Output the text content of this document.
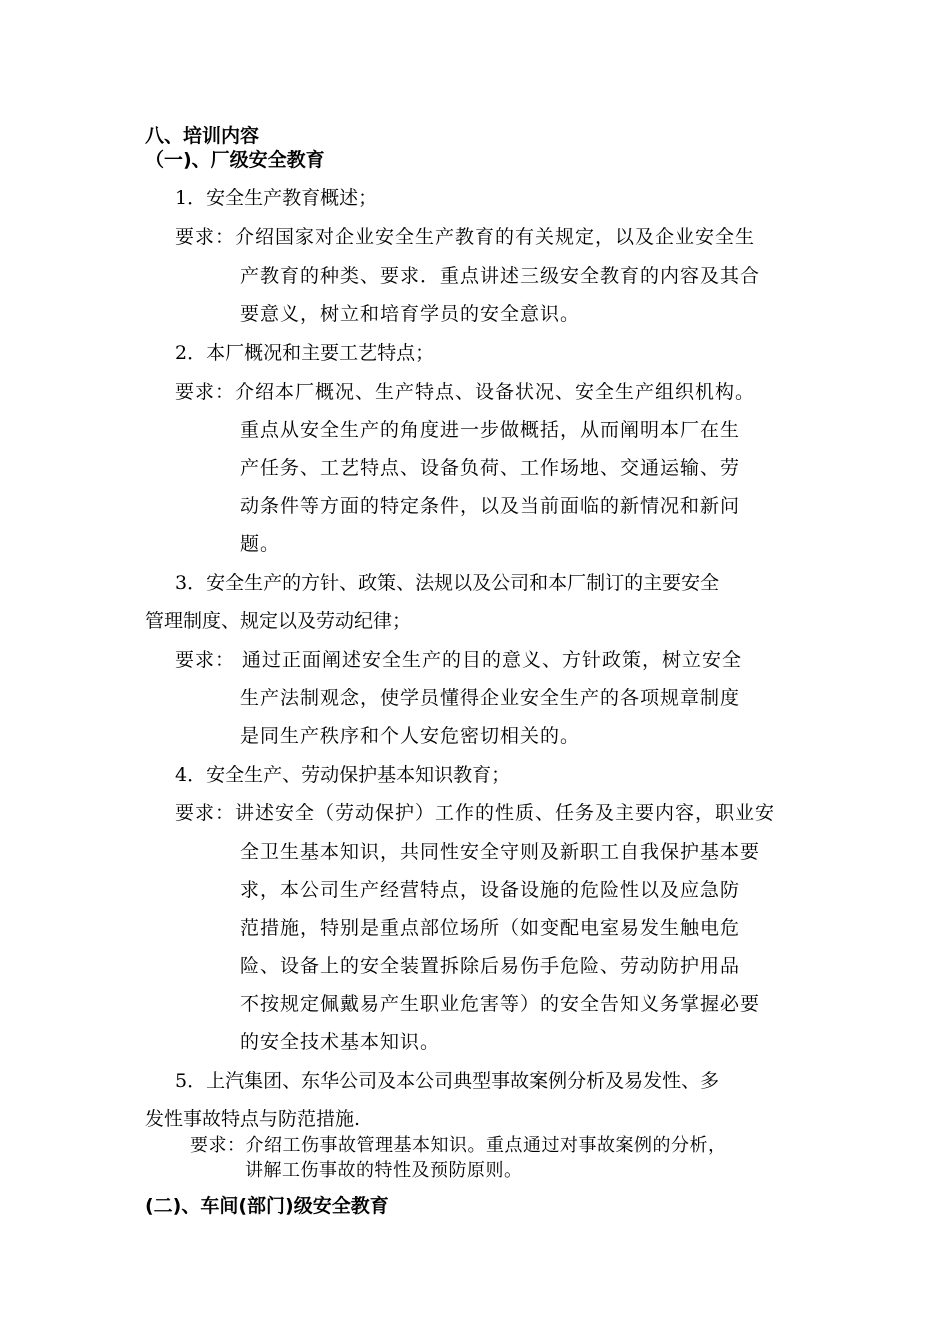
八、培训内容
（一)、厂级安全教育
1．安全生产教育概述；
要求：介绍国家对企业安全生产教育的有关规定，以及企业安全生
产教育的种类、要求．重点讲述三级安全教育的内容及其合
要意义，树立和培育学员的安全意识。
2．本厂概况和主要工艺特点；
要求：介绍本厂概况、生产特点、设备状况、安全生产组织机构。
重点从安全生产的角度进一步做概括，从而阐明本厂在生
产任务、工艺特点、设备负荷、工作场地、交通运输、劳
动条件等方面的特定条件，以及当前面临的新情况和新问
题。
3．安全生产的方针、政策、法规以及公司和本厂制订的主要安全
管理制度、规定以及劳动纪律；
要求： 通过正面阐述安全生产的目的意义、方针政策，树立安全
生产法制观念，使学员懂得企业安全生产的各项规章制度
是同生产秩序和个人安危密切相关的。
4．安全生产、劳动保护基本知识教育；
要求：讲述安全（劳动保护）工作的性质、任务及主要内容，职业安
全卫生基本知识，共同性安全守则及新职工自我保护基本要
求，本公司生产经营特点，设备设施的危险性以及应急防
范措施，特别是重点部位场所（如变配电室易发生触电危
险、设备上的安全装置拆除后易伤手危险、劳动防护用品
不按规定佩戴易产生职业危害等）的安全告知义务掌握必要
的安全技术基本知识。
5．上汽集团、东华公司及本公司典型事故案例分析及易发性、多
发性事故特点与防范措施.
要求：介绍工伤事故管理基本知识。重点通过对事故案例的分析，
讲解工伤事故的特性及预防原则。
(二)、车间(部门)级安全教育
